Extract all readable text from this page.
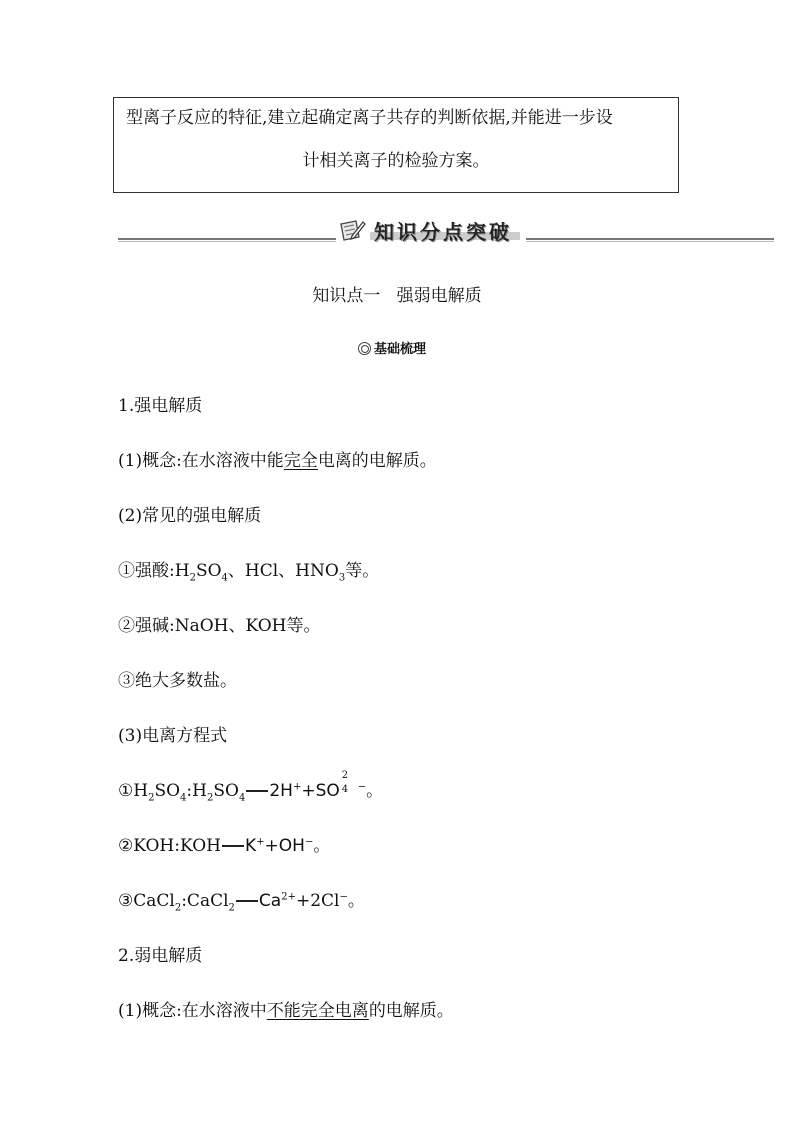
型离子反应的特征,建立起确定离子共存的判断依据,并能进一步设
计相关离子的检验方案。
知识分点突破
知识点一   强弱电解质
基础梳理
1.强电解质
(1)概念:在水溶液中能完全电离的电解质。
(2)常见的强电解质
①强酸$:H_2SO_4$、HCl、$HNO_3$等。
②强碱:NaOH、KOH等。
③绝大多数盐。
(3)电离方程式
$①H_2SO_4:H_2SO_4$ 2H++SO
2
4 −。
②KOH:KOH K++OH−。
③CaCl$_2$:CaCl$_2$ $Ca^{2+}+2Cl^-$。
2.弱电解质
(1)概念:在水溶液中不能完全电离的电解质。
